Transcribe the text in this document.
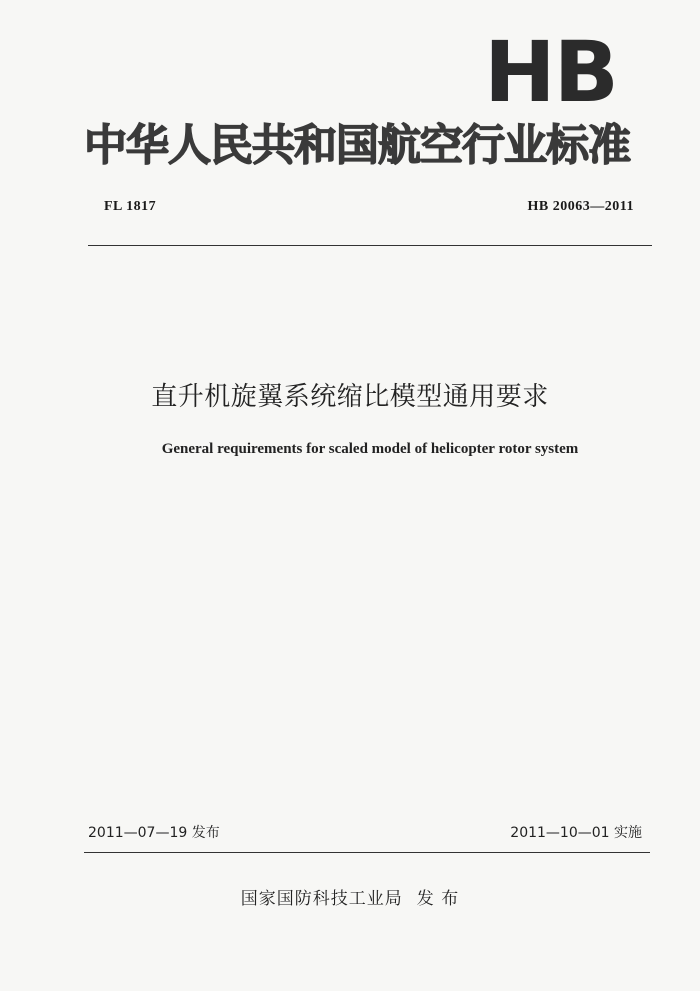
HB
中华人民共和国航空行业标准
FL 1817	HB 20063—2011
直升机旋翼系统缩比模型通用要求
General requirements for scaled model of helicopter rotor system
2011—07—19 发布	2011—10—01 实施
国家国防科技工业局 发 布
